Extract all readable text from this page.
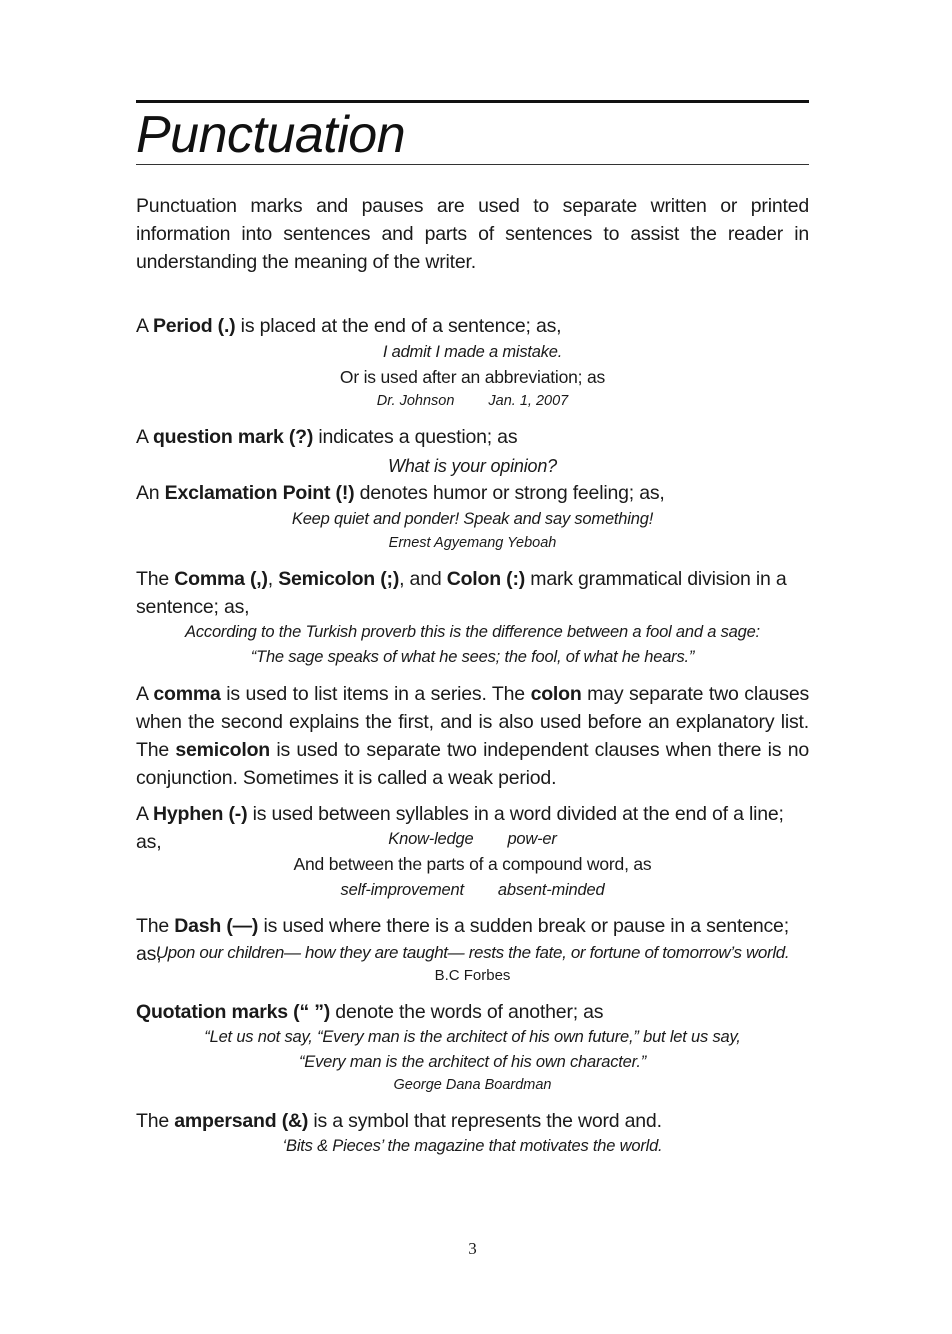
Punctuation

Punctuation marks and pauses are used to separate written or printed information into sentences and parts of sentences to assist the reader in understanding the meaning of the writer.

A Period (.) is placed at the end of a sentence; as,

I admit I made a mistake.

Or is used after an abbreviation; as

Dr. Johnson Jan. 1, 2007

A question mark (?) indicates a question; as

What is your opinion?

An Exclamation Point (!) denotes humor or strong feeling; as,

Keep quiet and ponder! Speak and say something!

Ernest Agyemang Yeboah

The Comma (,), Semicolon (;), and Colon (:) mark grammatical division in a sentence; as,

According to the Turkish proverb this is the difference between a fool and a sage:

“The sage speaks of what he sees; the fool, of what he hears.”

A comma is used to list items in a series. The colon may separate two clauses when the second explains the first, and is also used before an explanatory list. The semicolon is used to separate two independent clauses when there is no conjunction. Sometimes it is called a weak period.

A Hyphen (-) is used between syllables in a word divided at the end of a line; as,	Know-ledge pow-er

And between the parts of a compound word, as

self-improvement absent-minded

The Dash (—) is used where there is a sudden break or pause in a sentence; as,

Upon our children— how they are taught— rests the fate, or fortune of tomorrow’s world.

B.C Forbes

Quotation marks (“ ”) denote the words of another; as

“Let us not say, “Every man is the architect of his own future,” but let us say,

“Every man is the architect of his own character.”

George Dana Boardman

The ampersand (&) is a symbol that represents the word and.

‘Bits & Pieces’ the magazine that motivates the world.

3
